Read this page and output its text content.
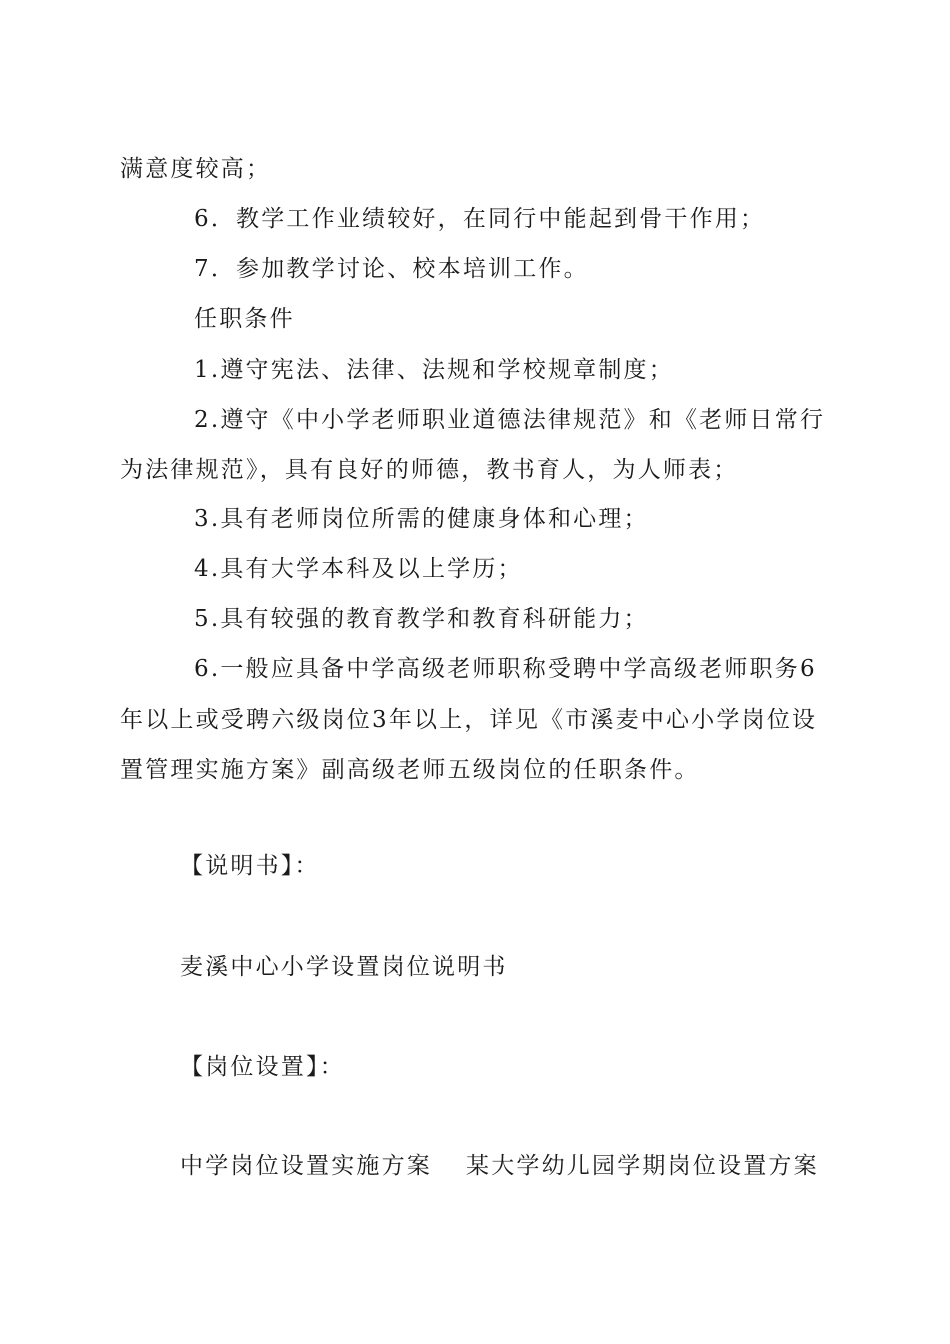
满意度较高；
6．教学工作业绩较好，在同行中能起到骨干作用；
7．参加教学讨论、校本培训工作。
任职条件
1.遵守宪法、法律、法规和学校规章制度；
2.遵守《中小学老师职业道德法律规范》和《老师日常行
为法律规范》，具有良好的师德，教书育人，为人师表；
3.具有老师岗位所需的健康身体和心理；
4.具有大学本科及以上学历；
5.具有较强的教育教学和教育科研能力；
6.一般应具备中学高级老师职称受聘中学高级老师职务6
年以上或受聘六级岗位3年以上，详见《市溪麦中心小学岗位设
置管理实施方案》副高级老师五级岗位的任职条件。
【说明书】：
麦溪中心小学设置岗位说明书
【岗位设置】：
中学岗位设置实施方案 某大学幼儿园学期岗位设置方案
